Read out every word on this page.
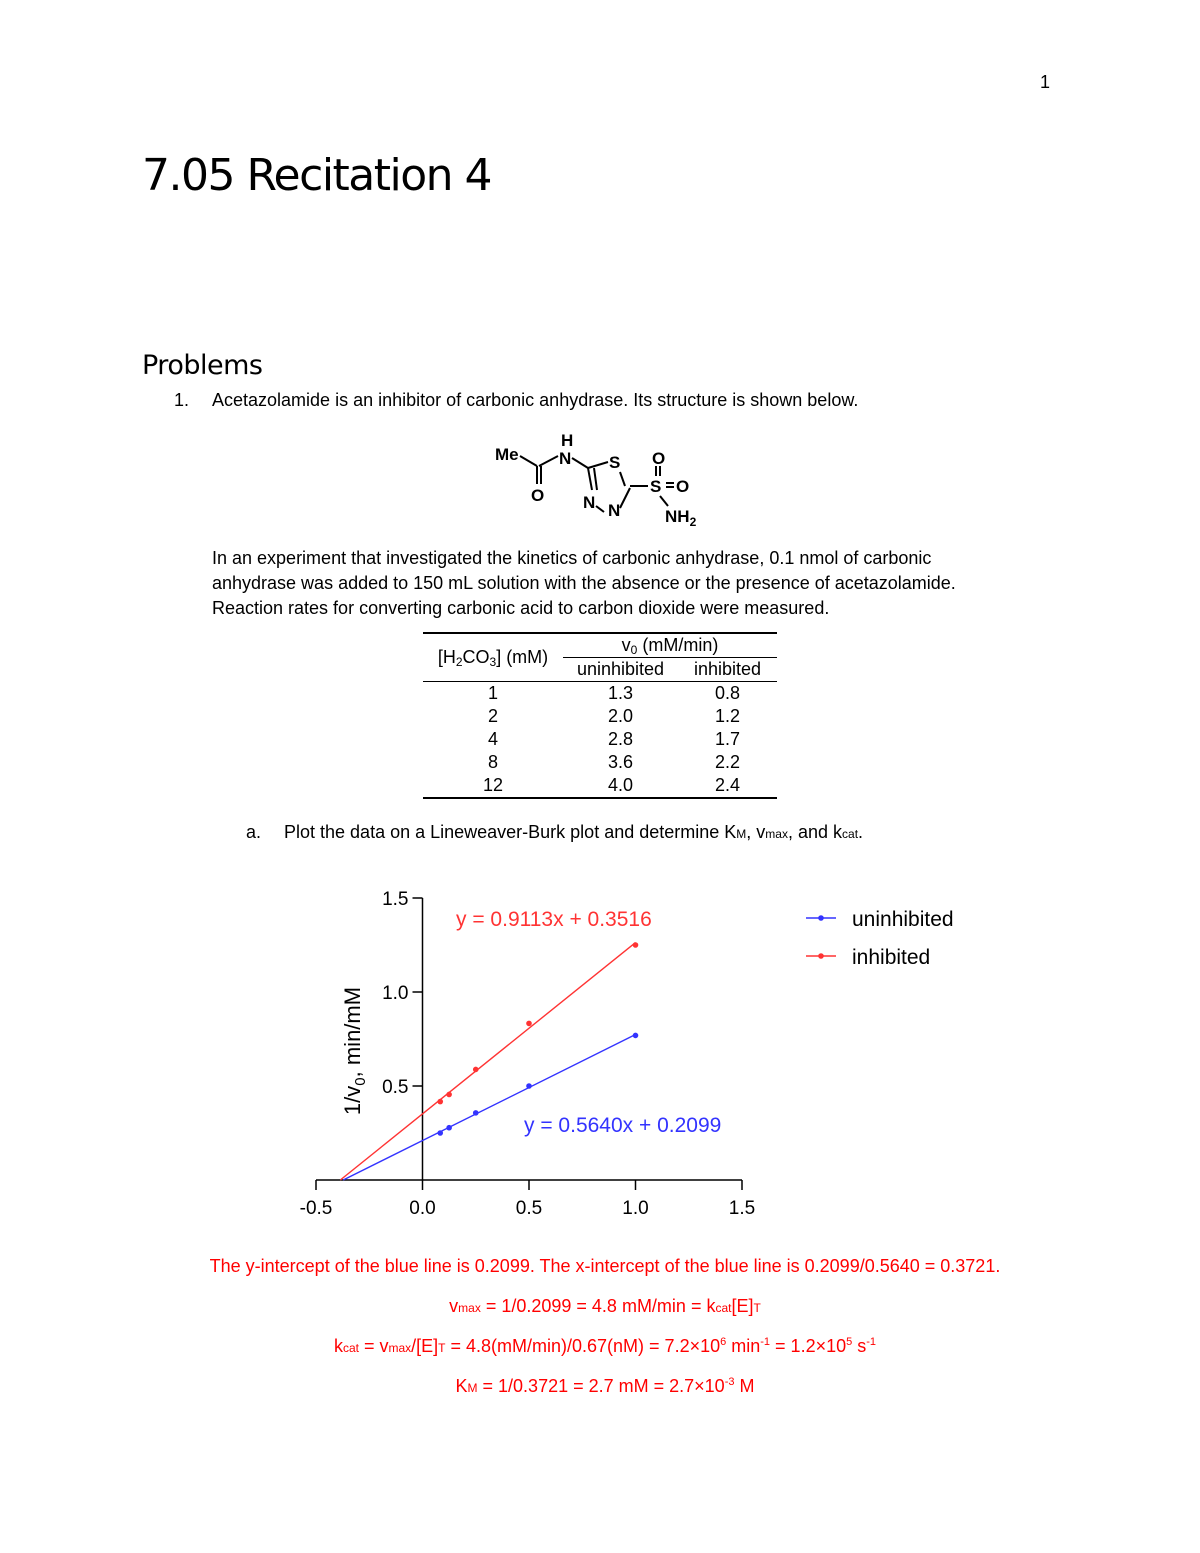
1
7.05 Recitation 4
Problems
1. Acetazolamide is an inhibitor of carbonic anhydrase. Its structure is shown below.
H
Me N
O
S
N N
O
S O
$NH_2$
In an experiment that investigated the kinetics of carbonic anhydrase, 0.1 nmol of carbonic
anhydrase was added to 150 mL solution with the absence or the presence of acetazolamide.
Reaction rates for converting carbonic acid to carbon dioxide were measured.
$[H_2CO_3]$ (mM)	$v_0$ (mM/min)	
	uninhibited	inhibited
1	1.3	0.8
2	2.0	1.2
4	2.8	1.7
8	3.6	2.2
12	4.0	2.4
a. Plot the data on a Lineweaver-Burk plot and determine KM, vmax, and kcat.
-0.5	0.0	0.5	1.0	1.5
0.5
1.0
1.5
$1/v_0$, min/mM
y = 0.5640x + 0.2099
uninhibited
y = 0.9113x + 0.3516
inhibited
The y-intercept of the blue line is 0.2099. The x-intercept of the blue line is 0.2099/0.5640 = 0.3721.
vmax = 1/0.2099 = 4.8 mM/min = kcat[E]T
kcat = $vmax/[E]T = 4.8(mM/\min)/0.67(nM) = 7.2\times 10^6$ $\min^{-1} = 1.2\times 10^5$ $s^{-1}$
KM = 1/0.3721 = 2.7 mM = $2.7\times 10^{-3}$ M
